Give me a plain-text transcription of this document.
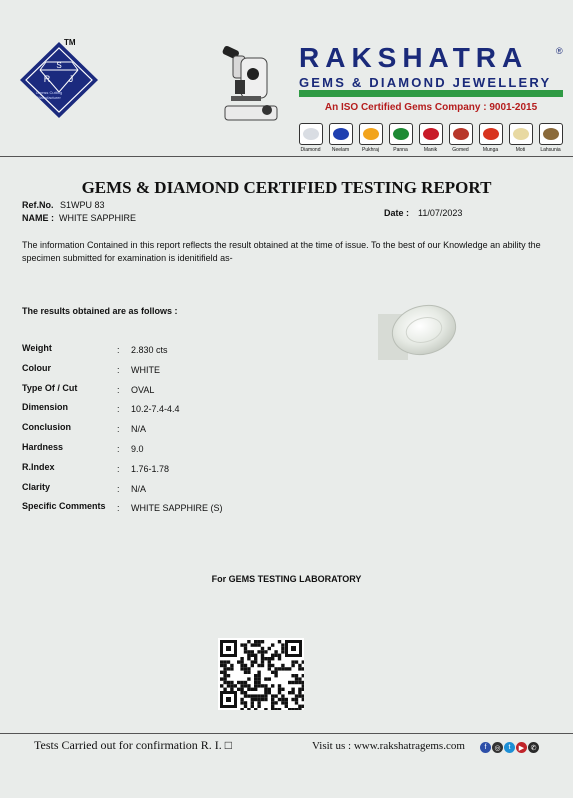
S
R J
TM
Gemss Cutting Manufacturer
RAKSHATRA	®
GEMS & DIAMOND JEWELLERY
An ISO Certified Gems Company : 9001-2015
Diamond	Neelam	Pukhraj	Panna	Manik	Gomed	Munga	Moti	Lahsunia
GEMS & DIAMOND CERTIFIED TESTING REPORT
Ref.No. S1WPU 83
NAME : WHITE SAPPHIRE	Date : 11/07/2023
The information Contained in this report reflects the result obtained at the time of issue. To the best of our Knowledge an ability the specimen submitted for examination is idenitifield as-
The results obtained are as follows :
Weight	: 2.830 cts
Colour	: WHITE
Type Of / Cut	: OVAL
Dimension	: 10.2-7.4-4.4
Conclusion	: N/A
Hardness	: 9.0
R.Index	: 1.76-1.78
Clarity	: N/A
Specific Comments : WHITE SAPPHIRE (S)
For GEMS TESTING LABORATORY
Tests Carried out for confirmation R. I. □	Visit us : www.rakshatragems.com	f	◎	t	▶ ✆
